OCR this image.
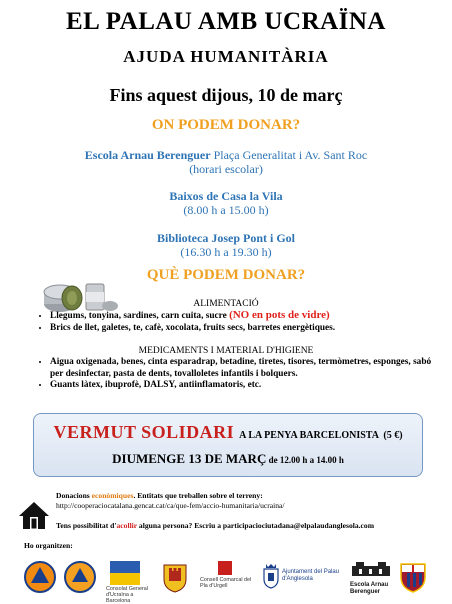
EL PALAU AMB UCRAÏNA
AJUDA HUMANITÀRIA
Fins aquest dijous, 10 de març
ON PODEM DONAR?
Escola Arnau Berenguer Plaça Generalitat i Av. Sant Roc
(horari escolar)
Baixos de Casa la Vila
(8.00 h a 15.00 h)
Biblioteca Josep Pont i Gol
(16.30 h a 19.30 h)
QUÈ PODEM DONAR?
ALIMENTACIÓ
• Llegums, tonyina, sardines, carn cuita, sucre (NO en pots de vidre)
• Brics de llet, galetes, te, cafè, xocolata, fruits secs, barretes energètiques.
MEDICAMENTS I MATERIAL D'HIGIENE
• Aigua oxigenada, benes, cinta esparadrap, betadine, tiretes, tisores, termòmetres, esponges, sabó per desinfectar, pasta de dents, tovalloletes infantils i bolquers.
• Guants làtex, ibuprofè, DALSY, antiinflamatoris, etc.
VERMUT SOLIDARI A LA PENYA BARCELONISTA (5 €)
DIUMENGE 13 DE MARÇ de 12.00 h a 14.00 h
Donacions econòmiques. Entitats que treballen sobre el terreny:
http://cooperaciocatalana.gencat.cat/ca/que-fem/accio-humanitaria/ucraina/
Tens possibilitat d'acollir alguna persona? Escriu a participaciociutadana@elpalaudanglesola.com
Ho organitzen:
Consolat General d'Ucraïna a Barcelona
Consell Comarcal del Pla d'Urgell
Ajuntament del Palau d'Anglesola
Escola Arnau Berenguer
